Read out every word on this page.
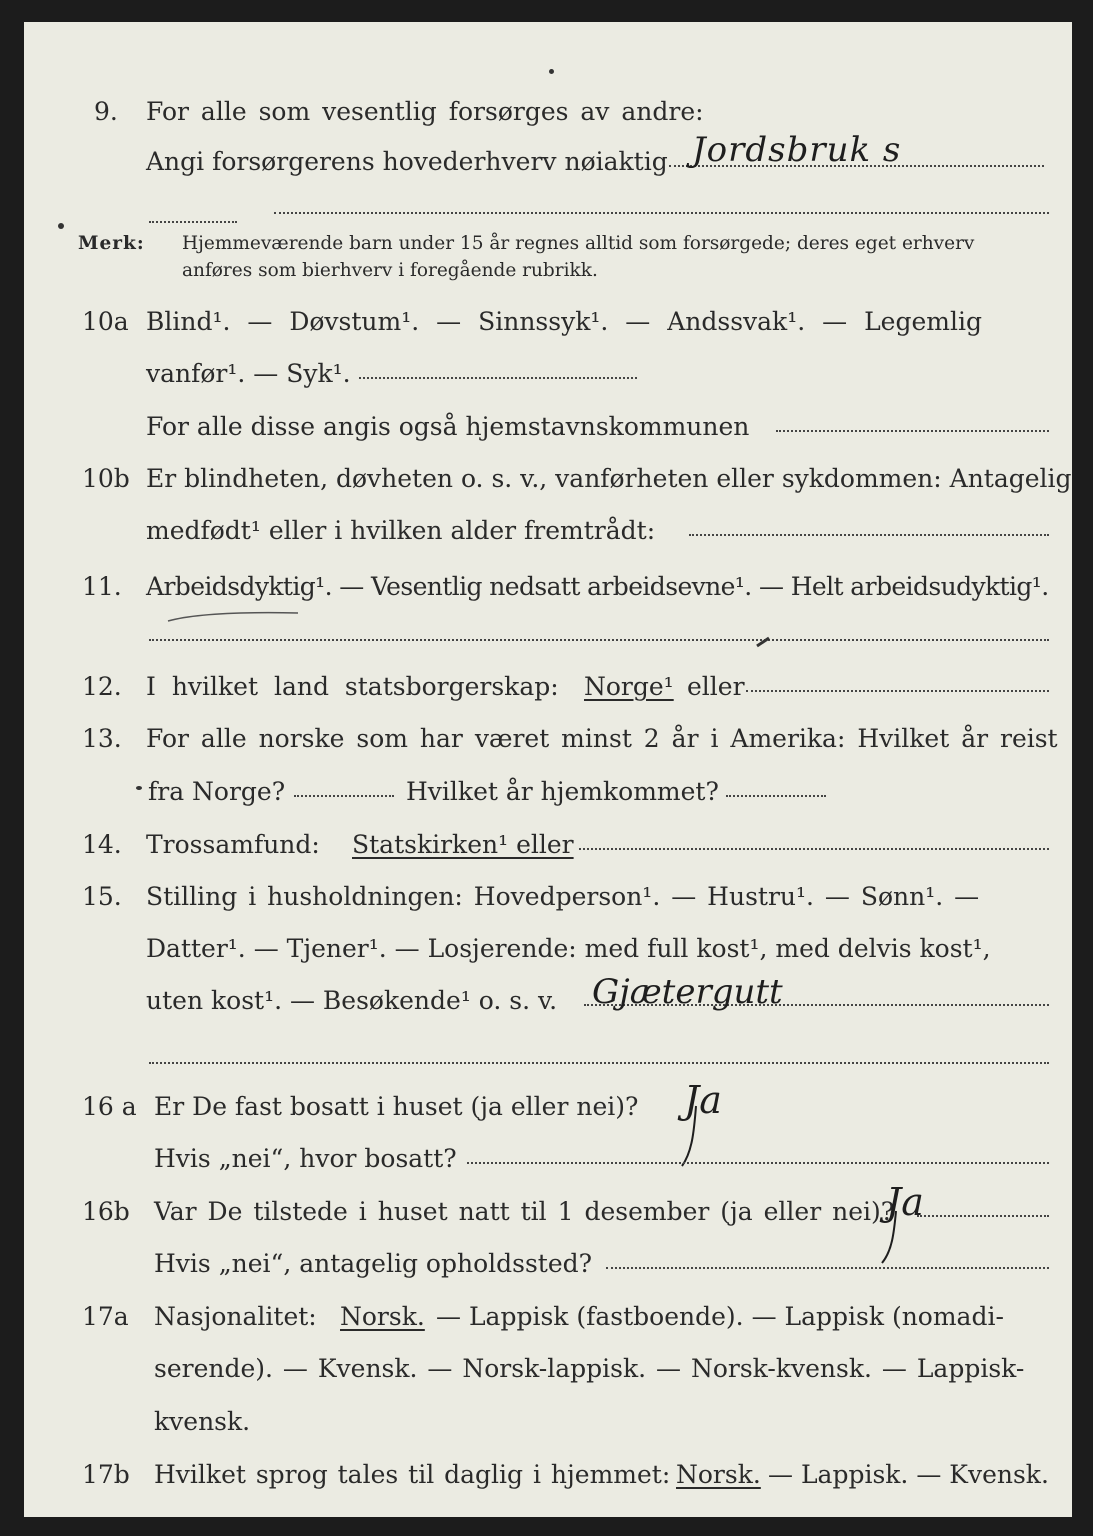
9. For alle som vesentlig forsørges av andre:
Angi forsørgerens hovederhverv nøiaktig Jordsbruk s
Merk: Hjemmeværende barn under 15 år regnes alltid som forsørgede; deres eget erhverv
anføres som bierhverv i foregående rubrikk.
10a Blind¹. — Døvstum¹. — Sinnssyk¹. — Andssvak¹. — Legemlig
vanfør¹. — Syk¹.
For alle disse angis også hjemstavnskommunen
10b Er blindheten, døvheten o. s. v., vanførheten eller sykdommen: Antagelig
medfødt¹ eller i hvilken alder fremtrådt:
11. Arbeidsdyktig¹. — Vesentlig nedsatt arbeidsevne¹. — Helt arbeidsudyktig¹.
12. I hvilket land statsborgerskap: Norge¹ eller
13. For alle norske som har været minst 2 år i Amerika: Hvilket år reist
fra Norge?	Hvilket år hjemkommet?
14. Trossamfund: Statskirken¹ eller
15. Stilling i husholdningen: Hovedperson¹. — Hustru¹. — Sønn¹. —
Datter¹. — Tjener¹. — Losjerende: med full kost¹, med delvis kost¹,
uten kost¹. — Besøkende¹ o. s. v. Gjætergutt
16 a Er De fast bosatt i huset (ja eller nei)? Ja
Hvis „nei“, hvor bosatt?
16b Var De tilstede i huset natt til 1 desember (ja eller nei)?
Ja
Hvis „nei“, antagelig opholdssted?
17a Nasjonalitet: Norsk. — Lappisk (fastboende). — Lappisk (nomadi-
serende). — Kvensk. — Norsk-lappisk. — Norsk-kvensk. — Lappisk-
kvensk.
17b Hvilket sprog tales til daglig i hjemmet: Norsk. — Lappisk. — Kvensk.
